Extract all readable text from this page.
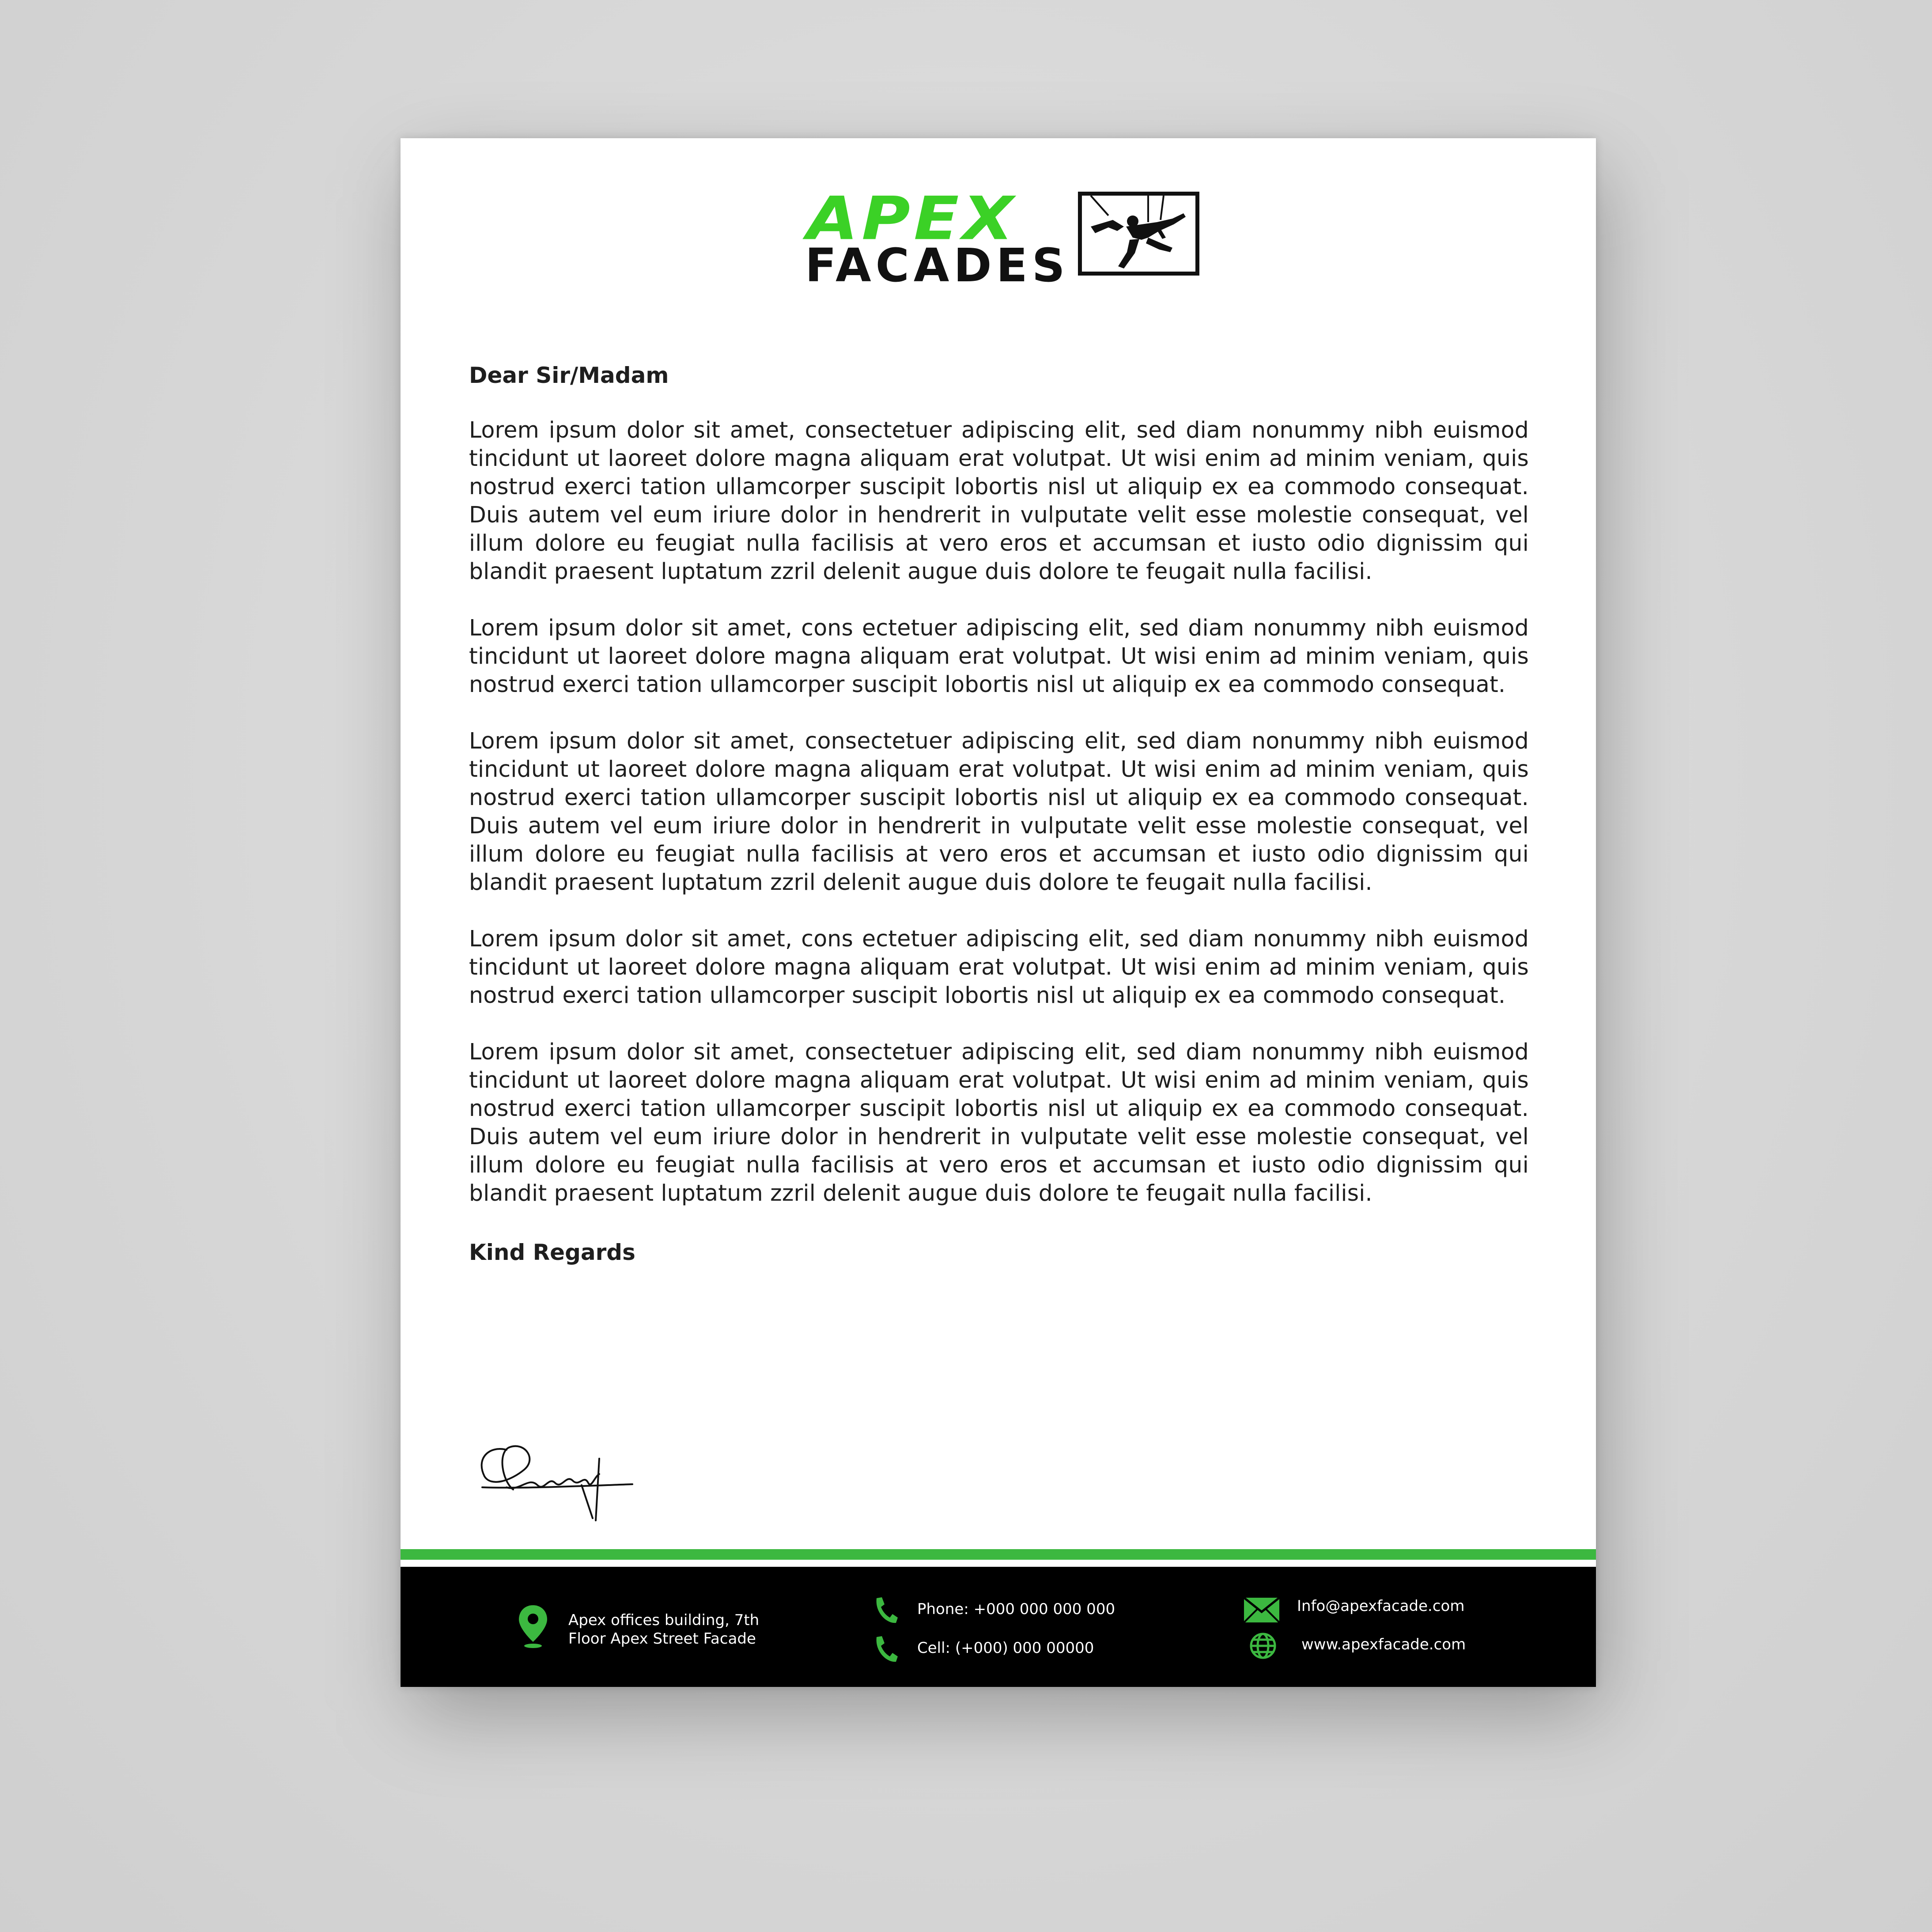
APEX
FACADES
Dear Sir/Madam

Lorem ipsum dolor sit amet, consectetuer adipiscing elit, sed diam nonummy nibh euismod tincidunt ut laoreet dolore magna aliquam erat volutpat. Ut wisi enim ad minim veniam, quis nostrud exerci tation ullamcorper suscipit lobortis nisl ut aliquip ex ea commodo consequat. Duis autem vel eum iriure dolor in hendrerit in vulputate velit esse molestie consequat, vel illum dolore eu feugiat nulla facilisis at vero eros et accumsan et iusto odio dignissim qui blandit praesent luptatum zzril delenit augue duis dolore te feugait nulla facilisi.

Lorem ipsum dolor sit amet, cons ectetuer adipiscing elit, sed diam nonummy nibh euismod tincidunt ut laoreet dolore magna aliquam erat volutpat. Ut wisi enim ad minim veniam, quis nostrud exerci tation ullamcorper suscipit lobortis nisl ut aliquip ex ea commodo consequat.

Lorem ipsum dolor sit amet, consectetuer adipiscing elit, sed diam nonummy nibh euismod tincidunt ut laoreet dolore magna aliquam erat volutpat. Ut wisi enim ad minim veniam, quis nostrud exerci tation ullamcorper suscipit lobortis nisl ut aliquip ex ea commodo consequat. Duis autem vel eum iriure dolor in hendrerit in vulputate velit esse molestie consequat, vel illum dolore eu feugiat nulla facilisis at vero eros et accumsan et iusto odio dignissim qui blandit praesent luptatum zzril delenit augue duis dolore te feugait nulla facilisi.

Lorem ipsum dolor sit amet, cons ectetuer adipiscing elit, sed diam nonummy nibh euismod tincidunt ut laoreet dolore magna aliquam erat volutpat. Ut wisi enim ad minim veniam, quis nostrud exerci tation ullamcorper suscipit lobortis nisl ut aliquip ex ea commodo consequat.

Lorem ipsum dolor sit amet, consectetuer adipiscing elit, sed diam nonummy nibh euismod tincidunt ut laoreet dolore magna aliquam erat volutpat. Ut wisi enim ad minim veniam, quis nostrud exerci tation ullamcorper suscipit lobortis nisl ut aliquip ex ea commodo consequat. Duis autem vel eum iriure dolor in hendrerit in vulputate velit esse molestie consequat, vel illum dolore eu feugiat nulla facilisis at vero eros et accumsan et iusto odio dignissim qui blandit praesent luptatum zzril delenit augue duis dolore te feugait nulla facilisi.

Kind Regards
Apex offices building, 7th
Floor Apex Street Facade
Phone: +000 000 000 000
Cell: (+000) 000 00000
Info@apexfacade.com
www.apexfacade.com
